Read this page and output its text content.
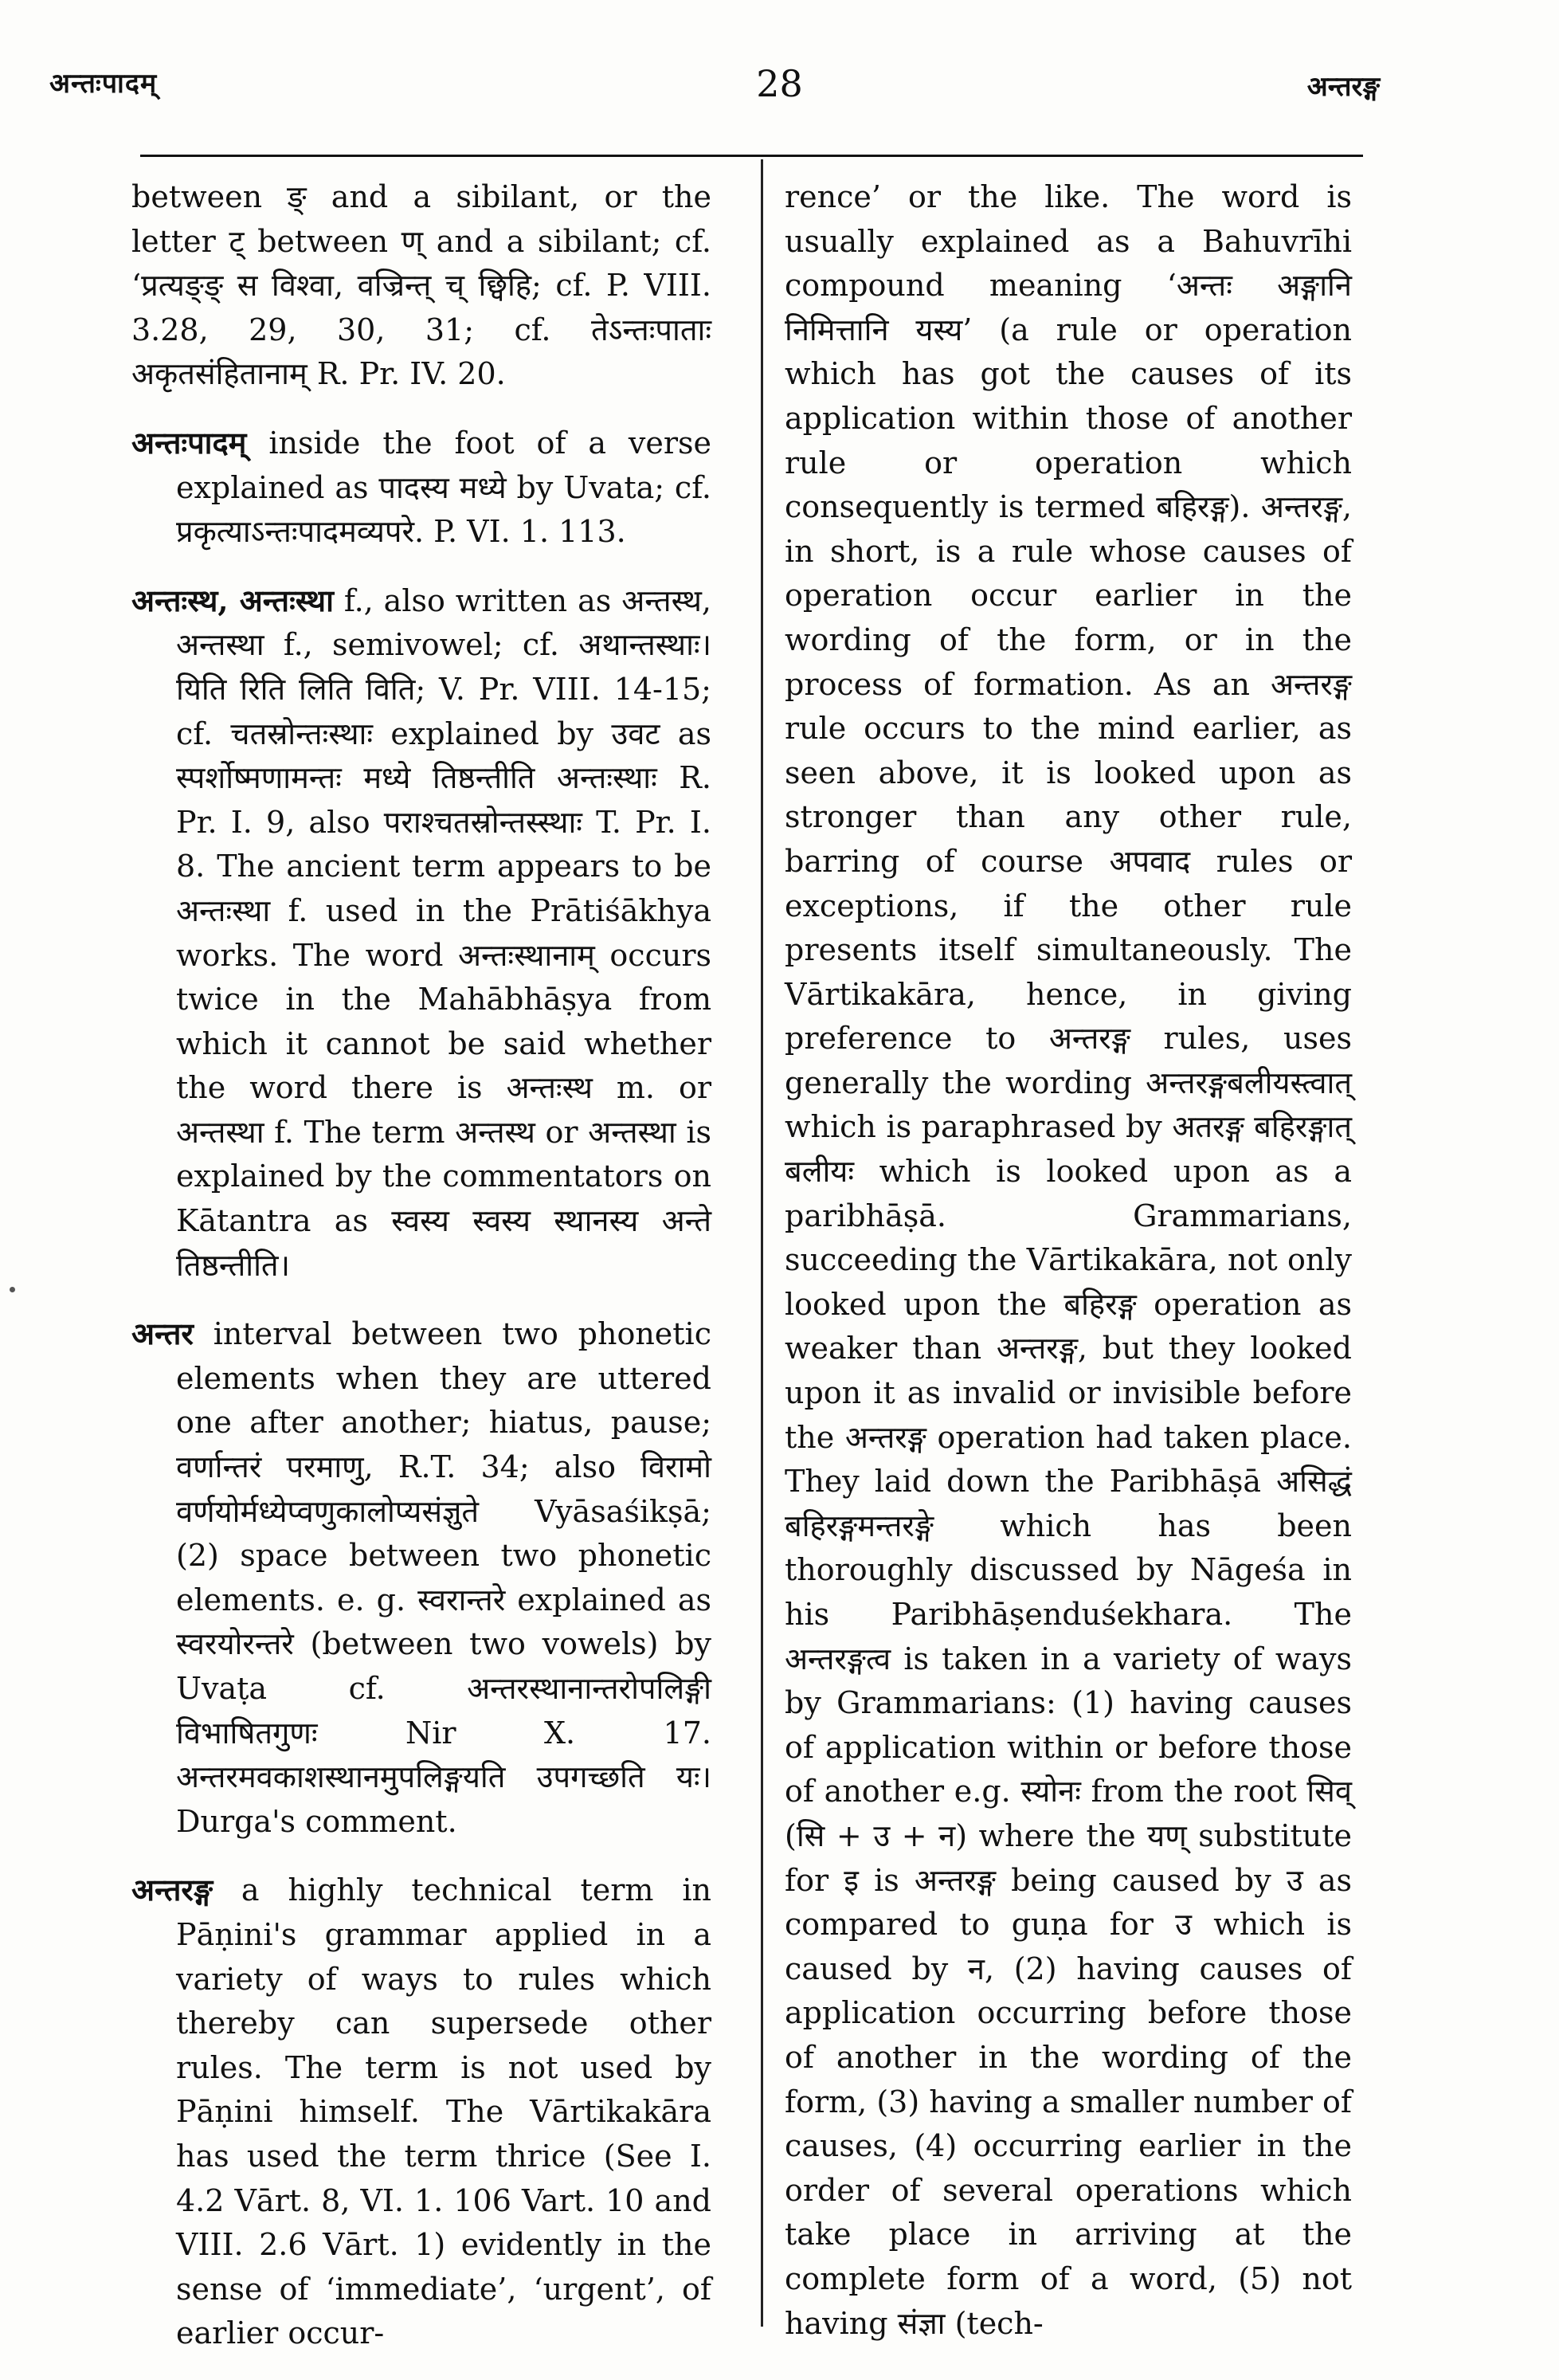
अन्तःपादम्	28	अन्तरङ्ग

between ङ् and a sibilant, or the letter ट् between ण् and a sibilant; cf. ‘प्रत्यङ्ङ् स विश्वा, वज्रिन्त् च् छ्विहि; cf. P. VIII. 3.28, 29, 30, 31; cf. तेऽन्तःपाताः अकृतसंहितानाम् R. Pr. IV. 20.

अन्तःपादम् inside the foot of a verse explained as पादस्य मध्ये by Uvata; cf. प्रकृत्याऽन्तःपादमव्यपरे. P. VI. 1. 113.

अन्तःस्थ, अन्तःस्था f., also written as अन्तस्थ, अन्तस्था f., semivowel; cf. अथान्तस्थाः। यिति रिति लिति विति; V. Pr. VIII. 14-15; cf. चतस्रोन्तःस्थाः explained by उवट as स्पर्शोष्मणामन्तः मध्ये तिष्ठन्तीति अन्तःस्थाः R. Pr. I. 9, also पराश्चतस्रोन्तस्स्थाः T. Pr. I. 8. The ancient term appears to be अन्तःस्था f. used in the Prātiśākhya works. The word अन्तःस्थानाम् occurs twice in the Mahābhāṣya from which it cannot be said whether the word there is अन्तःस्थ m. or अन्तस्था f. The term अन्तस्थ or अन्तस्था is explained by the commentators on Kātantra as स्वस्य स्वस्य स्थानस्य अन्ते तिष्ठन्तीति।

अन्तर interval between two phonetic elements when they are uttered one after another; hiatus, pause; वर्णान्तरं परमाणु, R.T. 34; also विरामो वर्णयोर्मध्येप्वणुकालोप्यसंज्ञुते Vyāsaśikṣā; (2) space between two phonetic elements. e. g. स्वरान्तरे explained as स्वरयोरन्तरे (between two vowels) by Uvaṭa cf. अन्तरस्थानान्तरोपलिङ्गी विभाषितगुणः Nir X. 17. अन्तरमवकाशस्थानमुपलिङ्गयति उपगच्छति यः। Durga's comment.

अन्तरङ्ग a highly technical term in Pāṇini's grammar applied in a variety of ways to rules which thereby can supersede other rules. The term is not used by Pāṇini himself. The Vārtikakāra has used the term thrice (See I. 4.2 Vārt. 8, VI. 1. 106 Vart. 10 and VIII. 2.6 Vārt. 1) evidently in the sense of ‘immediate’, ‘urgent’, of earlier occur-

rence’ or the like. The word is usually explained as a Bahuvrīhi compound meaning ‘अन्तः अङ्गानि निमित्तानि यस्य’ (a rule or operation which has got the causes of its application within those of another rule or operation which consequently is termed बहिरङ्ग). अन्तरङ्ग, in short, is a rule whose causes of operation occur earlier in the wording of the form, or in the process of formation. As an अन्तरङ्ग rule occurs to the mind earlier, as seen above, it is looked upon as stronger than any other rule, barring of course अपवाद rules or exceptions, if the other rule presents itself simultaneously. The Vārtikakāra, hence, in giving preference to अन्तरङ्ग rules, uses generally the wording अन्तरङ्गबलीयस्त्वात् which is paraphrased by अतरङ्ग बहिरङ्गात् बलीयः which is looked upon as a paribhāṣā. Grammarians, succeeding the Vārtikakāra, not only looked upon the बहिरङ्ग operation as weaker than अन्तरङ्ग, but they looked upon it as invalid or invisible before the अन्तरङ्ग operation had taken place. They laid down the Paribhāṣā असिद्धं बहिरङ्गमन्तरङ्गे which has been thoroughly discussed by Nāgeśa in his Paribhāṣenduśekhara. The अन्तरङ्गत्व is taken in a variety of ways by Grammarians: (1) having causes of application within or before those of another e.g. स्योनः from the root सिव् (सि + उ + न) where the यण् substitute for इ is अन्तरङ्ग being caused by उ as compared to guṇa for उ which is caused by न, (2) having causes of application occurring before those of another in the wording of the form, (3) having a smaller number of causes, (4) occurring earlier in the order of several operations which take place in arriving at the complete form of a word, (5) not having संज्ञा (tech-
